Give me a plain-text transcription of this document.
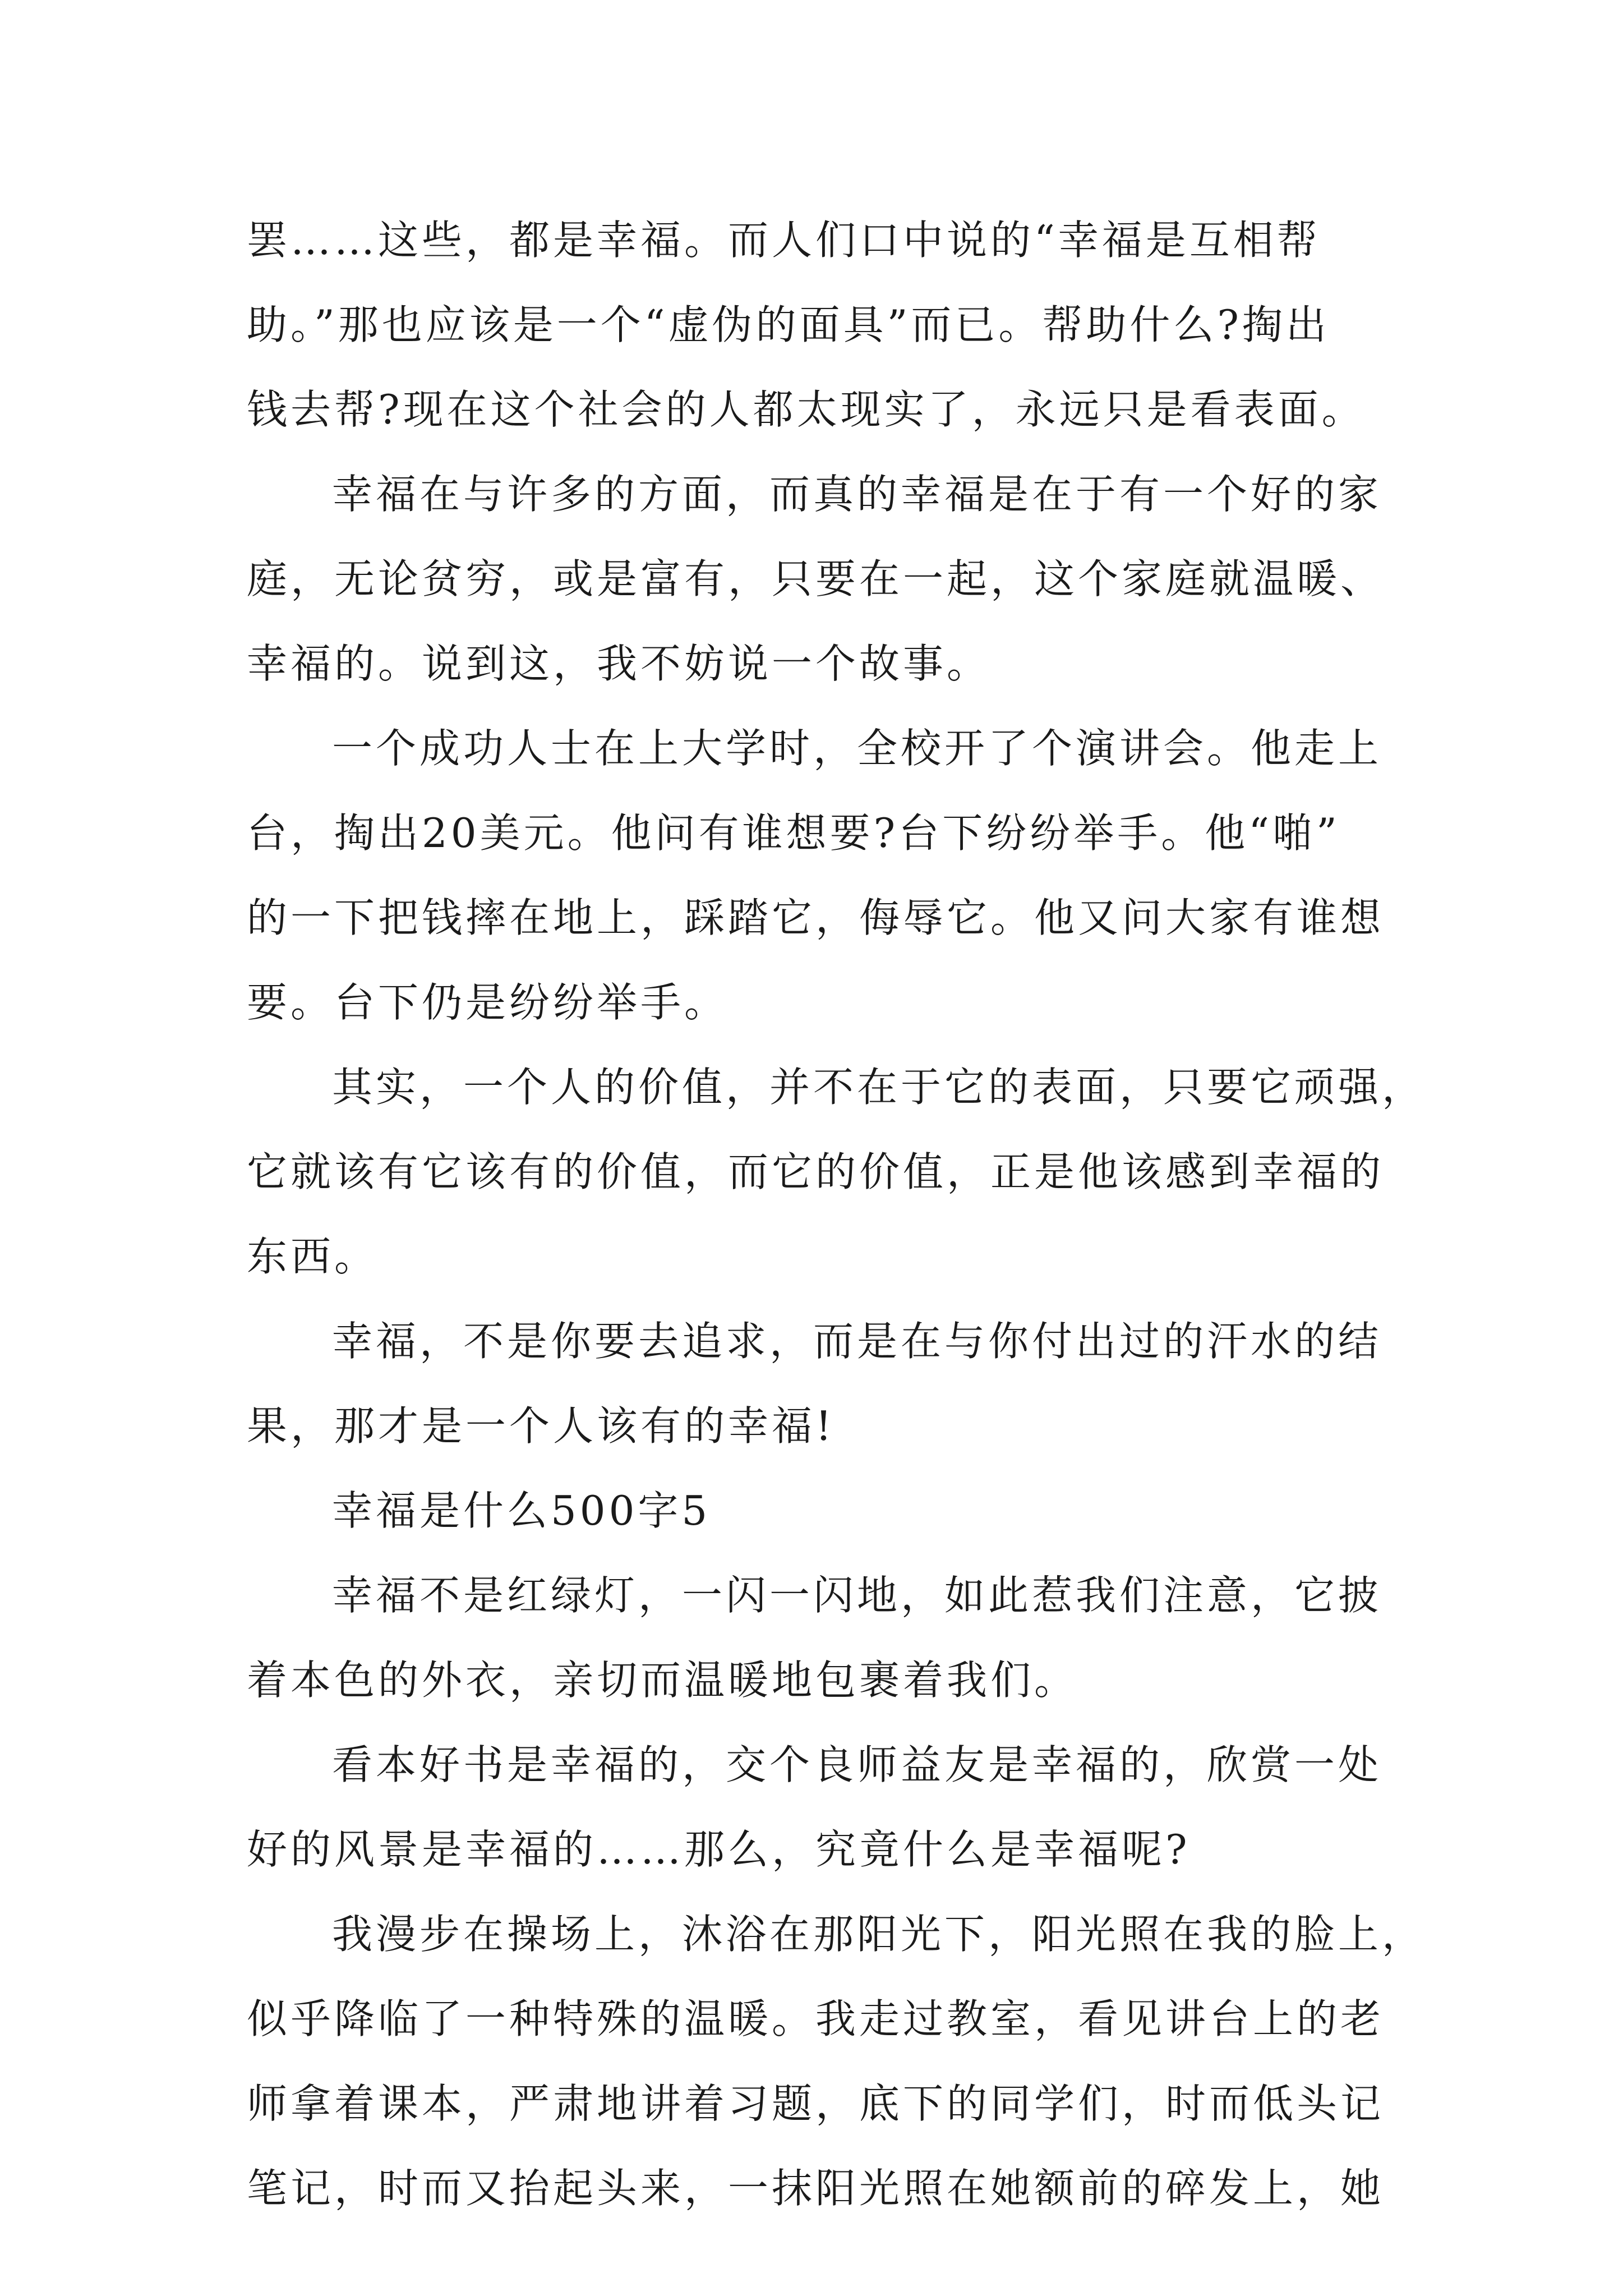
罢……这些，都是幸福。而人们口中说的“幸福是互相帮
助。”那也应该是一个“虚伪的面具”而已。帮助什么?掏出
钱去帮?现在这个社会的人都太现实了，永远只是看表面。
幸福在与许多的方面，而真的幸福是在于有一个好的家
庭，无论贫穷，或是富有，只要在一起，这个家庭就温暖、
幸福的。说到这，我不妨说一个故事。
一个成功人士在上大学时，全校开了个演讲会。他走上
台，掏出20美元。他问有谁想要?台下纷纷举手。他“啪”
的一下把钱摔在地上，踩踏它，侮辱它。他又问大家有谁想
要。台下仍是纷纷举手。
其实，一个人的价值，并不在于它的表面，只要它顽强，
它就该有它该有的价值，而它的价值，正是他该感到幸福的
东西。
幸福，不是你要去追求，而是在与你付出过的汗水的结
果，那才是一个人该有的幸福!
幸福是什么500字5
幸福不是红绿灯，一闪一闪地，如此惹我们注意，它披
着本色的外衣，亲切而温暖地包裹着我们。
看本好书是幸福的，交个良师益友是幸福的，欣赏一处
好的风景是幸福的……那么，究竟什么是幸福呢?
我漫步在操场上，沐浴在那阳光下，阳光照在我的脸上，
似乎降临了一种特殊的温暖。我走过教室，看见讲台上的老
师拿着课本，严肃地讲着习题，底下的同学们，时而低头记
笔记，时而又抬起头来，一抹阳光照在她额前的碎发上，她
